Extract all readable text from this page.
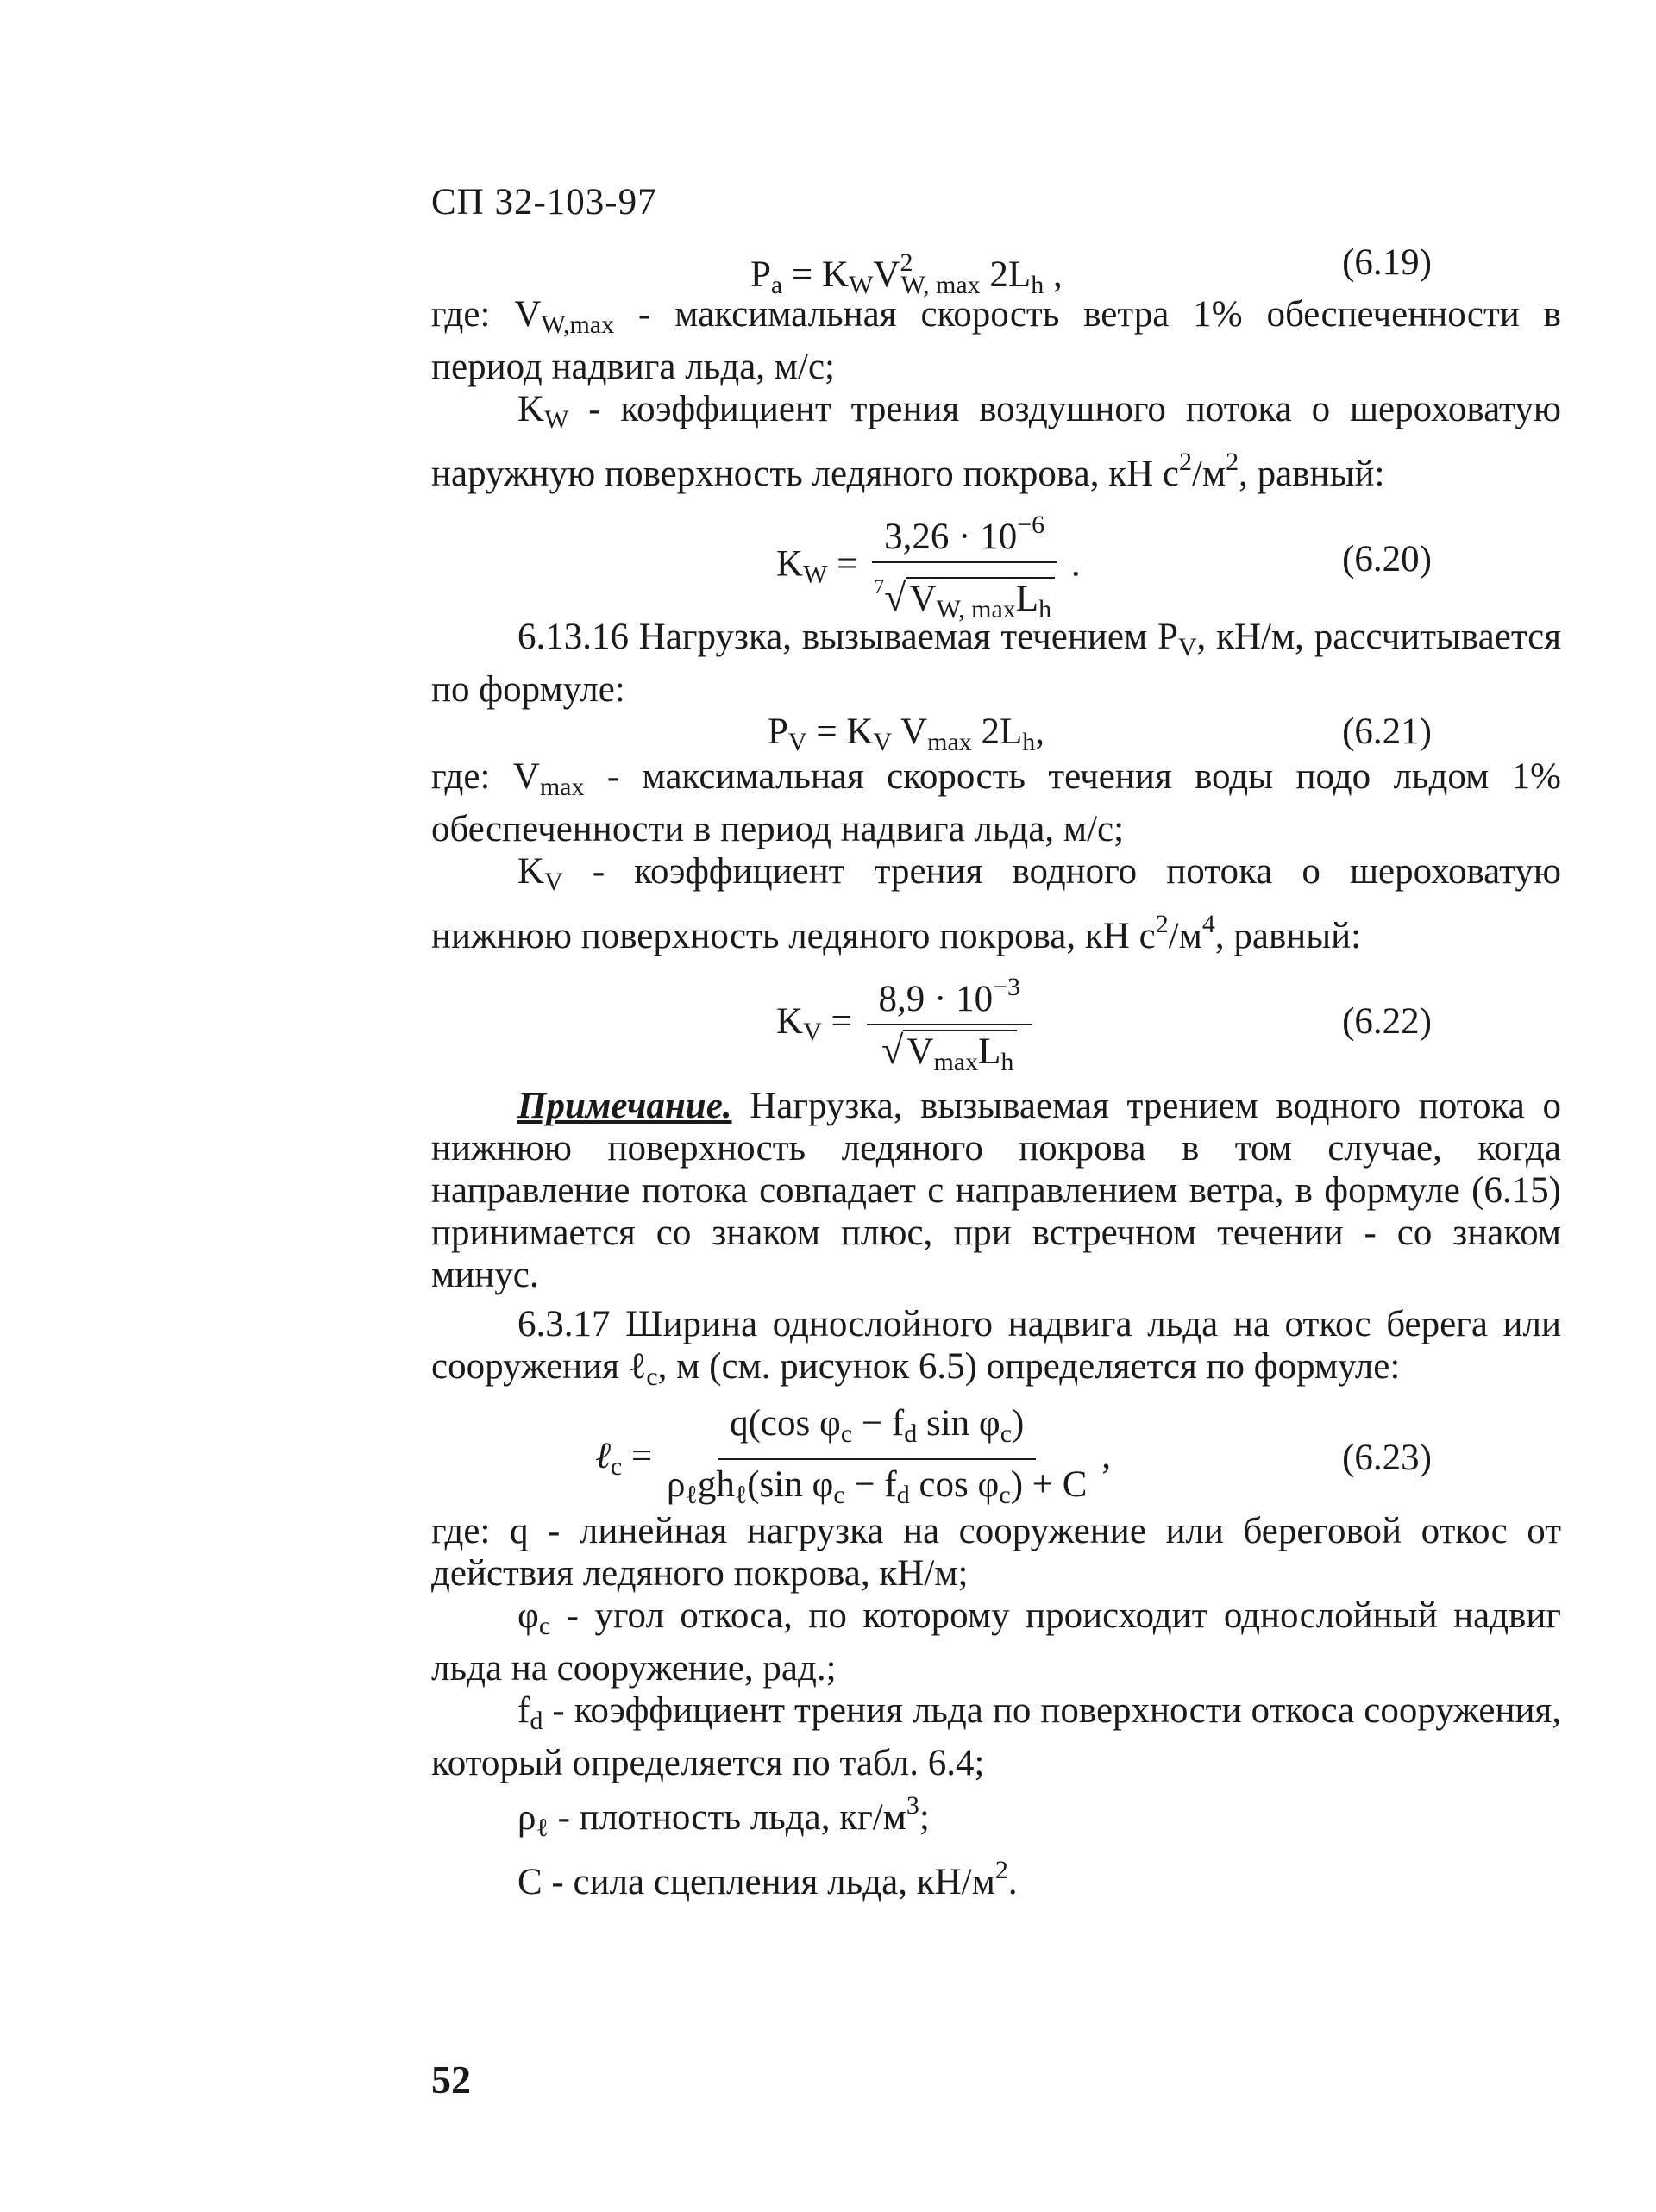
СП 32-103-97
$P_a = K_WV^2_{W, max}$ $2L_h$ ,	(6.19)

где: $V_{W,max}$ - максимальная скорость ветра 1% обеспеченности в период надвига льда, м/с;

$K_W$ - коэффициент трения воздушного потока о шероховатую наружную поверхность ледяного покрова, кН $с^2/м^2$, равный:

$K_W = \frac{3,26 \cdot 10^{-6}}{^7√V_{W, max}L_h}$ .	(6.20)

6.13.16 Нагрузка, вызываемая течением $P_V$, кН/м, рассчитывается по формуле:

$P_V = K_V$ $V_{max}$ $2L_h$,	(6.21)

где: $V_{max}$ - максимальная скорость течения воды подо льдом 1% обеспеченности в период надвига льда, м/с;

$K_V$ - коэффициент трения водного потока о шероховатую нижнюю поверхность ледяного покрова, кН $с^2/м^4$, равный:

$K_V = \frac{8,9 \cdot 10^{-3}}{√V_{max}L_h}$	(6.22)

Примечание. Нагрузка, вызываемая трением водного потока о нижнюю поверхность ледяного покрова в том случае, когда направление потока совпадает с направлением ветра, в формуле (6.15) принимается со знаком плюс, при встречном течении - со знаком минус.

6.3.17 Ширина однослойного надвига льда на откос берега или сооружения ℓ$_c$, м (см. рисунок 6.5) определяется по формуле:

ℓ$_c$ = $\frac{q(\cos \varphi_c - f_d \sin \varphi_c)}{\rho_\ell gh_\ell(\sin \varphi_c - f_d \cos \varphi_c) + C}$ ,	(6.23)

где: q - линейная нагрузка на сооружение или береговой откос от действия ледяного покрова, кН/м;

$\varphi_c$ - угол откоса, по которому происходит однослойный надвиг льда на сооружение, рад.;

$f_d$ - коэффициент трения льда по поверхности откоса сооружения, который определяется по табл. 6.4;

$\rho_\ell$ - плотность льда, $кг/м^3$;

C - сила сцепления льда, $кН/м^2$.

52
